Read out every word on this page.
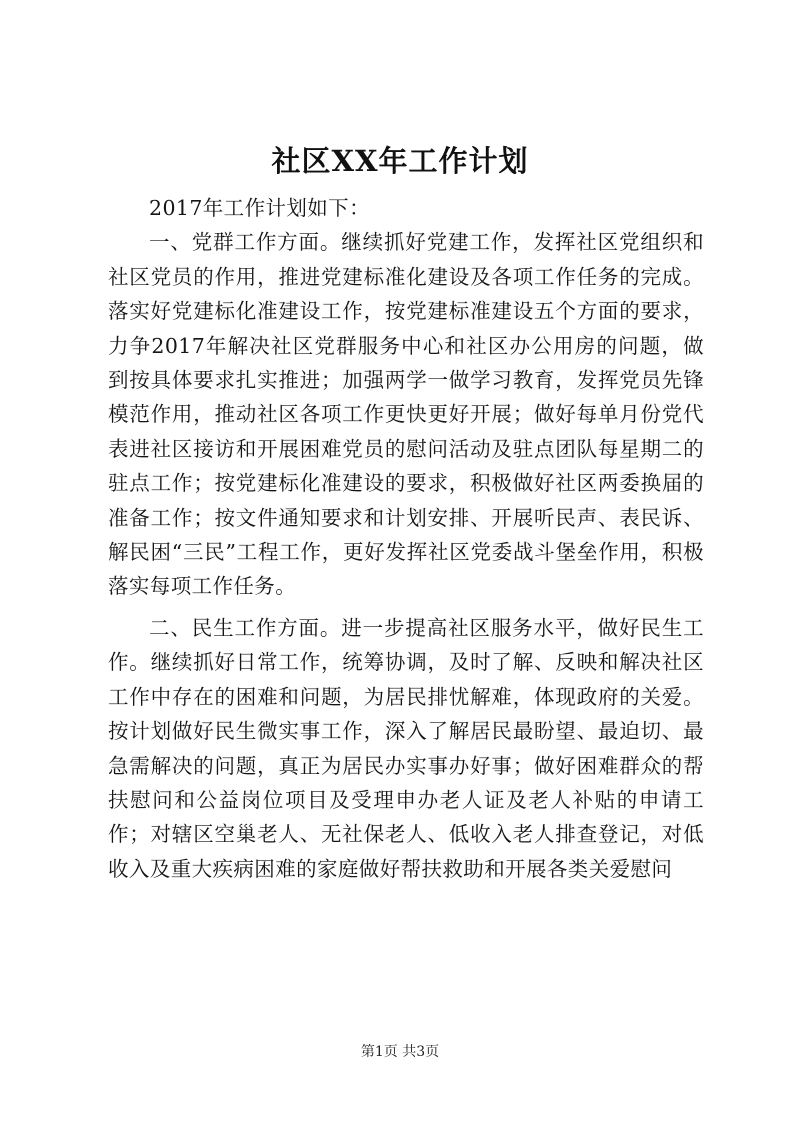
社区XX年工作计划

2017年工作计划如下：

一、党群工作方面。继续抓好党建工作，发挥社区党组织和社区党员的作用，推进党建标准化建设及各项工作任务的完成。落实好党建标化准建设工作，按党建标准建设五个方面的要求，力争2017年解决社区党群服务中心和社区办公用房的问题，做到按具体要求扎实推进；加强两学一做学习教育，发挥党员先锋模范作用，推动社区各项工作更快更好开展；做好每单月份党代表进社区接访和开展困难党员的慰问活动及驻点团队每星期二的驻点工作；按党建标化准建设的要求，积极做好社区两委换届的准备工作；按文件通知要求和计划安排、开展听民声、表民诉、解民困“三民”工程工作，更好发挥社区党委战斗堡垒作用，积极落实每项工作任务。

二、民生工作方面。进一步提高社区服务水平，做好民生工作。继续抓好日常工作，统筹协调，及时了解、反映和解决社区工作中存在的困难和问题，为居民排忧解难，体现政府的关爱。按计划做好民生微实事工作，深入了解居民最盼望、最迫切、最急需解决的问题，真正为居民办实事办好事；做好困难群众的帮扶慰问和公益岗位项目及受理申办老人证及老人补贴的申请工作；对辖区空巢老人、无社保老人、低收入老人排查登记，对低收入及重大疾病困难的家庭做好帮扶救助和开展各类关爱慰问

第1页 共3页
